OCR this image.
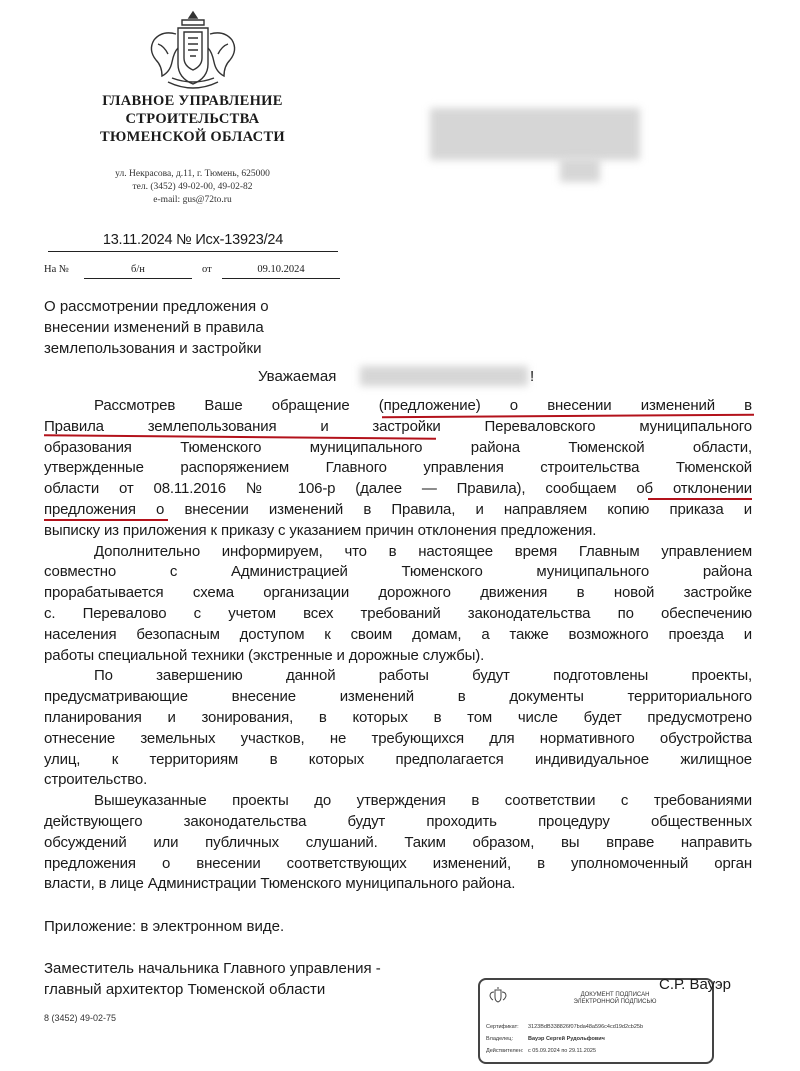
ГЛАВНОЕ УПРАВЛЕНИЕ
СТРОИТЕЛЬСТВА
ТЮМЕНСКОЙ ОБЛАСТИ
ул. Некрасова, д.11, г. Тюмень, 625000
тел. (3452) 49-02-00, 49-02-82
e-mail: gus@72to.ru
13.11.2024 № Исх-13923/24
На №	б/н	от	09.10.2024
О рассмотрении предложения о
внесении изменений в правила
землепользования и застройки
Уважаемая	!

Рассмотрев Ваше обращение (предложение) о внесении изменений в
Правила землепользования и застройки Переваловского муниципального
образования Тюменского муниципального района Тюменской области,
утвержденные распоряжением Главного управления строительства Тюменской
области от 08.11.2016 № 106-р (далее — Правила), сообщаем об отклонении
предложения о внесении изменений в Правила, и направляем копию приказа и
выписку из приложения к приказу с указанием причин отклонения предложения.

Дополнительно информируем, что в настоящее время Главным управлением
совместно с Администрацией Тюменского муниципального района
прорабатывается схема организации дорожного движения в новой застройке
с. Перевалово с учетом всех требований законодательства по обеспечению
населения безопасным доступом к своим домам, а также возможного проезда и
работы специальной техники (экстренные и дорожные службы).

По завершению данной работы будут подготовлены проекты,
предусматривающие внесение изменений в документы территориального
планирования и зонирования, в которых в том числе будет предусмотрено
отнесение земельных участков, не требующихся для нормативного обустройства
улиц, к территориям в которых предполагается индивидуальное жилищное
строительство.

Вышеуказанные проекты до утверждения в соответствии с требованиями
действующего законодательства будут проходить процедуру общественных
обсуждений или публичных слушаний. Таким образом, вы вправе направить
предложения о внесении соответствующих изменений, в уполномоченный орган
власти, в лице Администрации Тюменского муниципального района.

Приложение: в электронном виде.
Заместитель начальника Главного управления -
главный архитектор Тюменской области
8 (3452) 49-02-75
ДОКУМЕНТ ПОДПИСАН
ЭЛЕКТРОННОЙ ПОДПИСЬЮ
Сертификат: 3123BdB338826f07bda48a596c4cd19d2cb25b
Владелец:	Вауэр Сергей Рудольфович
Действителен: с 05.09.2024 по 29.11.2025
С.Р. Вауэр
